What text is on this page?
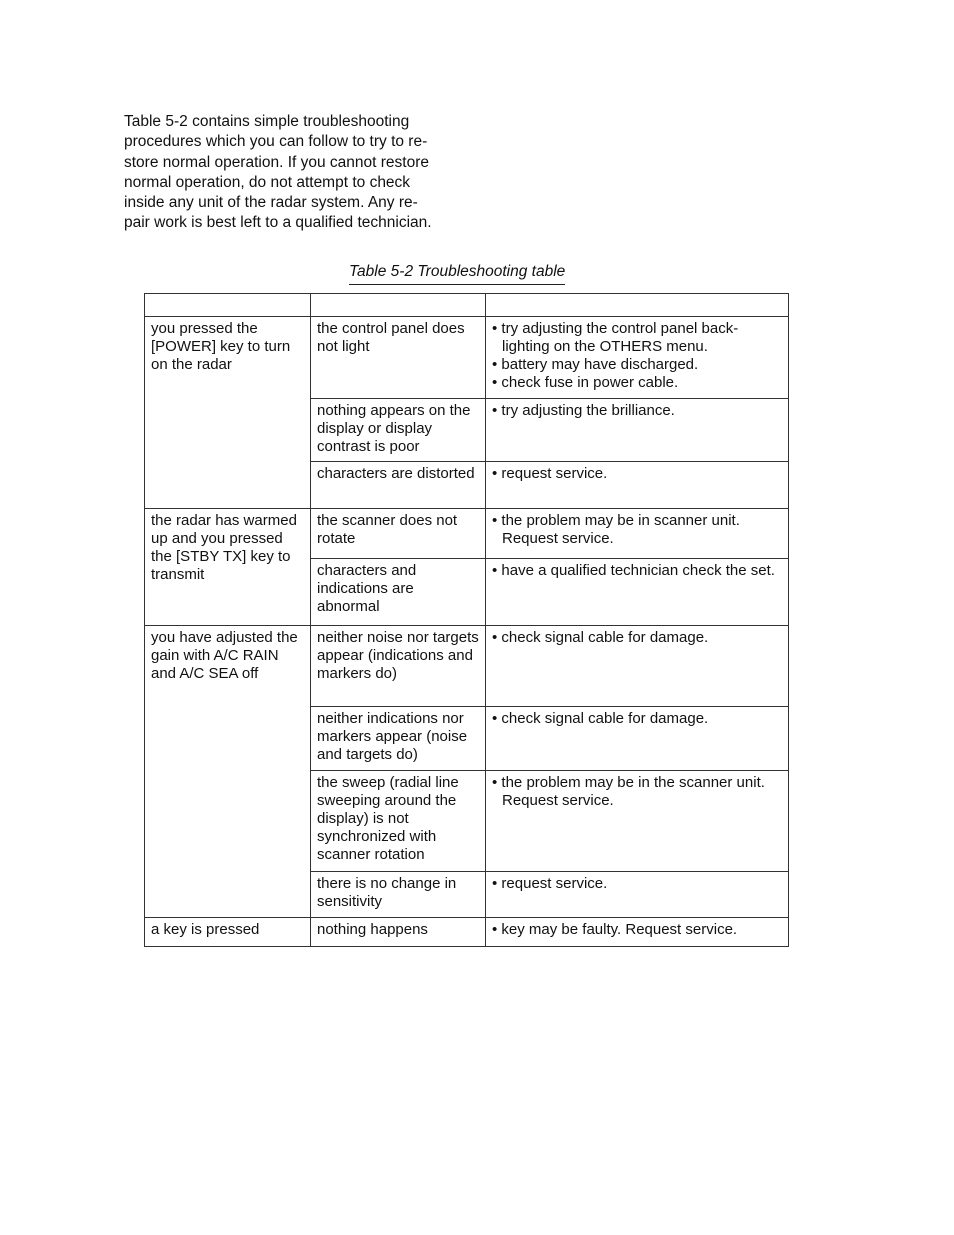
Table 5-2 contains simple troubleshooting
procedures which you can follow to try to re-
store normal operation. If you cannot restore
normal operation, do not attempt to check
inside any unit of the radar system. Any re-
pair work is best left to a qualified technician.
Table 5-2 Troubleshooting table

you pressed the [POWER] key to turn on the radar	the control panel does not light	• try adjusting the control panel back-lighting on the OTHERS menu.
• battery may have discharged.
• check fuse in power cable.

	nothing appears on the display or display contrast is poor	• try adjusting the brilliance.

	characters are distorted	• request service.

the radar has warmed up and you pressed the [STBY TX] key to transmit	the scanner does not rotate	• the problem may be in scanner unit. Request service.

	characters and indications are abnormal	• have a qualified technician check the set.

you have adjusted the gain with A/C RAIN and A/C SEA off	neither noise nor targets appear (indications and markers do)	• check signal cable for damage.

	neither indications nor markers appear (noise and targets do)	• check signal cable for damage.

	the sweep (radial line sweeping around the display) is not synchronized with scanner rotation	• the problem may be in the scanner unit. Request service.

	there is no change in sensitivity	• request service.

a key is pressed	nothing happens	• key may be faulty. Request service.
